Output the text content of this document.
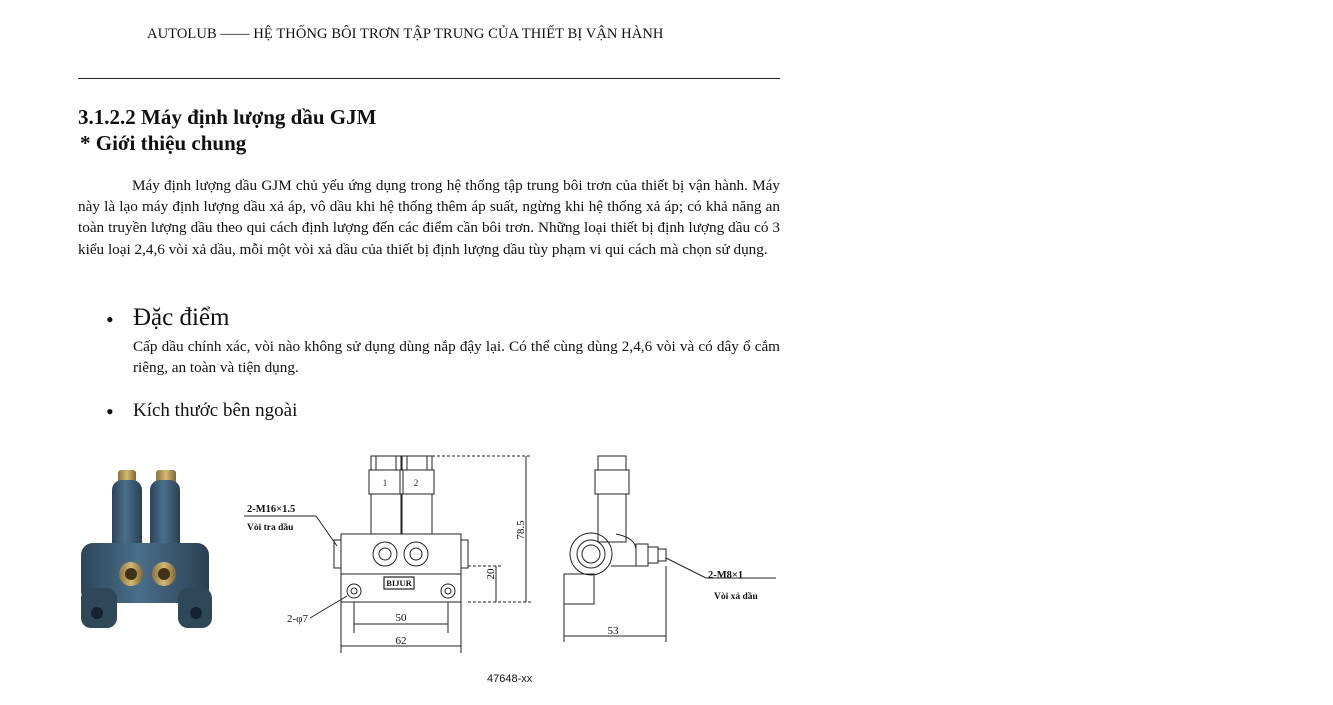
AUTOLUB —— HỆ THỐNG BÔI TRƠN TẬP TRUNG CỦA THIẾT BỊ VẬN HÀNH
3.1.2.2 Máy định lượng dầu GJM
* Giới thiệu chung

Máy định lượng dầu GJM chủ yếu ứng dụng trong hệ thống tập trung bôi trơn của thiết bị vận hành. Máy này là lạo máy định lượng dầu xả áp, vô dầu khi hệ thống thêm áp suất, ngừng khi hệ thống xả áp; có khả năng an toàn truyền lượng dầu theo qui cách định lượng đến các điểm cần bôi trơn. Những loại thiết bị định lượng dầu có 3 kiểu loại 2,4,6 vòi xả dầu, mỗi một vòi xả dầu của thiết bị định lượng dầu tùy phạm vi qui cách mà chọn sử dụng.

• Đặc điểm

Cấp dầu chính xác, vòi nào không sử dụng dùng nắp đậy lại. Có thể cùng dùng 2,4,6 vòi và có dây ổ cắm riêng, an toàn và tiện dụng.

• Kích thước bên ngoài
1	2
BIJUR
2-M16×1.5
Vòi tra dầu
2-φ7
78.5
20
50
62
2-M8×1
Vòi xả dầu
53
47648-xx
